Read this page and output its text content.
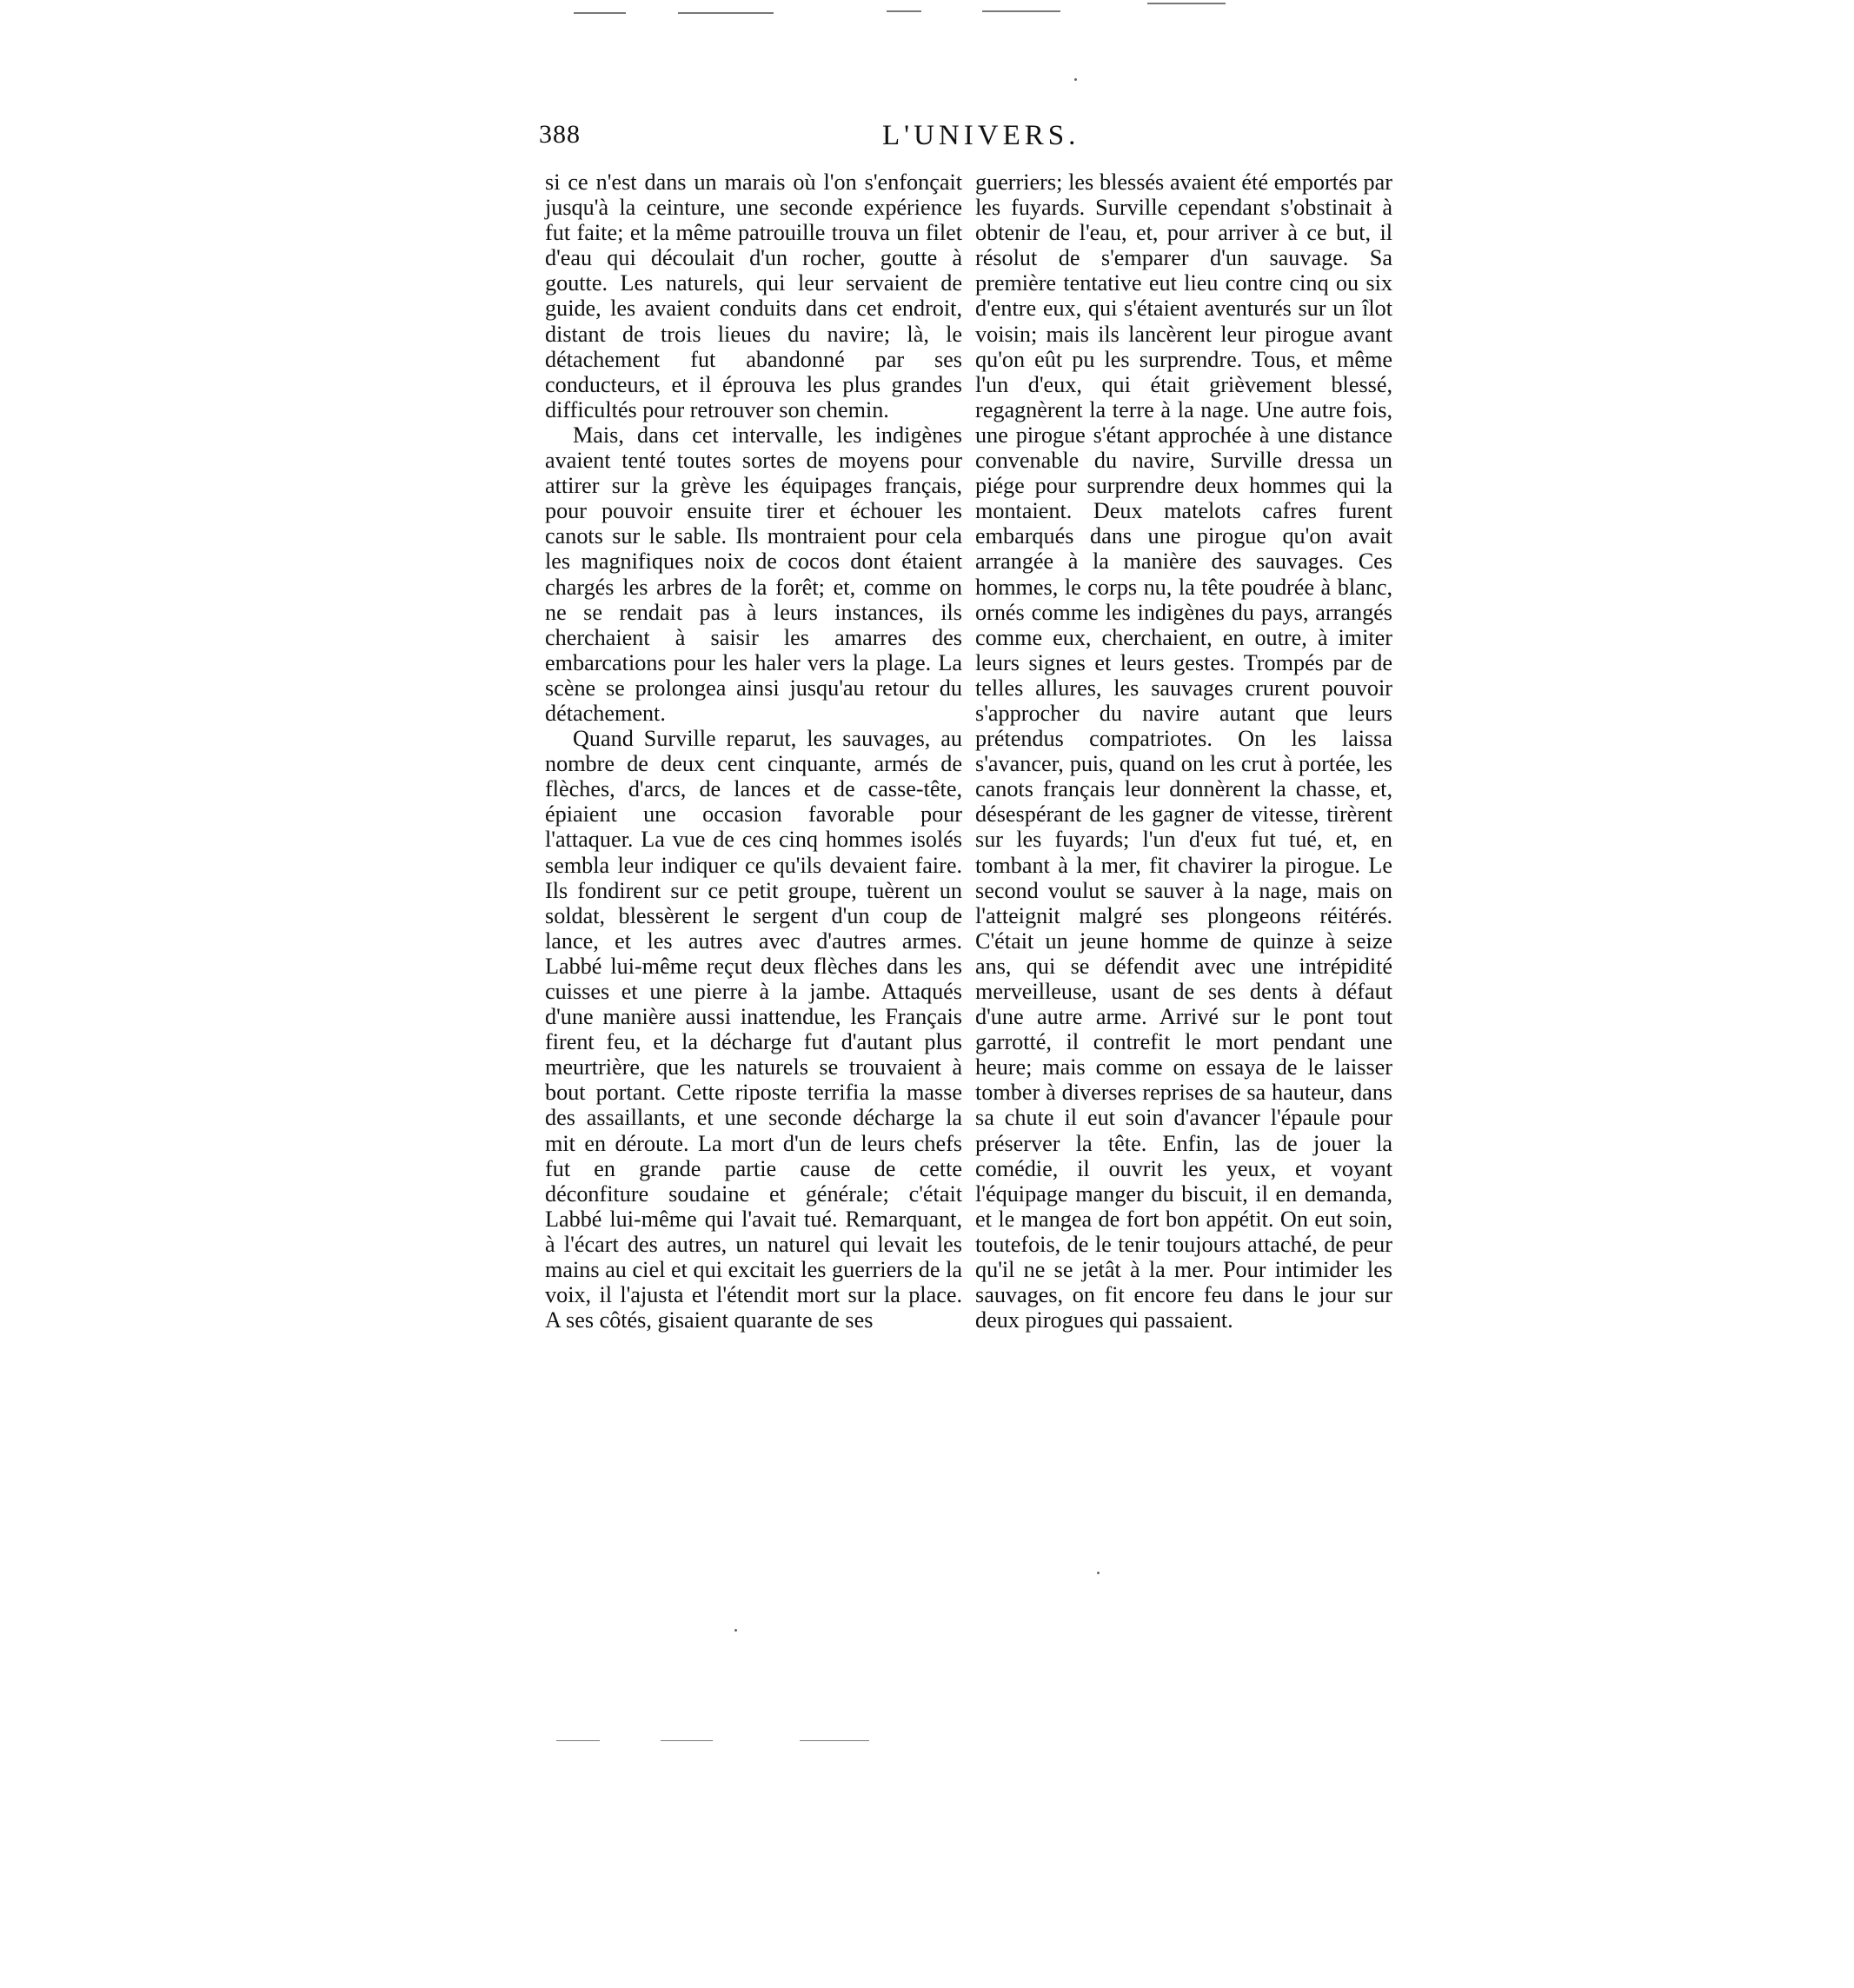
388	L'UNIVERS.

si ce n'est dans un marais où l'on s'enfonçait jusqu'à la ceinture, une seconde expérience fut faite; et la même patrouille trouva un filet d'eau qui découlait d'un rocher, goutte à goutte. Les naturels, qui leur servaient de guide, les avaient conduits dans cet endroit, distant de trois lieues du navire; là, le détachement fut abandonné par ses conducteurs, et il éprouva les plus grandes difficultés pour retrouver son chemin.

Mais, dans cet intervalle, les indigènes avaient tenté toutes sortes de moyens pour attirer sur la grève les équipages français, pour pouvoir ensuite tirer et échouer les canots sur le sable. Ils montraient pour cela les magnifiques noix de cocos dont étaient chargés les arbres de la forêt; et, comme on ne se rendait pas à leurs instances, ils cherchaient à saisir les amarres des embarcations pour les haler vers la plage. La scène se prolongea ainsi jusqu'au retour du détachement.

Quand Surville reparut, les sauvages, au nombre de deux cent cinquante, armés de flèches, d'arcs, de lances et de casse-tête, épiaient une occasion favorable pour l'attaquer. La vue de ces cinq hommes isolés sembla leur indiquer ce qu'ils devaient faire. Ils fondirent sur ce petit groupe, tuèrent un soldat, blessèrent le sergent d'un coup de lance, et les autres avec d'autres armes. Labbé lui-même reçut deux flèches dans les cuisses et une pierre à la jambe. Attaqués d'une manière aussi inattendue, les Français firent feu, et la décharge fut d'autant plus meurtrière, que les naturels se trouvaient à bout portant. Cette riposte terrifia la masse des assaillants, et une seconde décharge la mit en déroute. La mort d'un de leurs chefs fut en grande partie cause de cette déconfiture soudaine et générale; c'était Labbé lui-même qui l'avait tué. Remarquant, à l'écart des autres, un naturel qui levait les mains au ciel et qui excitait les guerriers de la voix, il l'ajusta et l'étendit mort sur la place. A ses côtés, gisaient quarante de ses

guerriers; les blessés avaient été emportés par les fuyards. Surville cependant s'obstinait à obtenir de l'eau, et, pour arriver à ce but, il résolut de s'emparer d'un sauvage. Sa première tentative eut lieu contre cinq ou six d'entre eux, qui s'étaient aventurés sur un îlot voisin; mais ils lancèrent leur pirogue avant qu'on eût pu les surprendre. Tous, et même l'un d'eux, qui était grièvement blessé, regagnèrent la terre à la nage. Une autre fois, une pirogue s'étant approchée à une distance convenable du navire, Surville dressa un piége pour surprendre deux hommes qui la montaient. Deux matelots cafres furent embarqués dans une pirogue qu'on avait arrangée à la manière des sauvages. Ces hommes, le corps nu, la tête poudrée à blanc, ornés comme les indigènes du pays, arrangés comme eux, cherchaient, en outre, à imiter leurs signes et leurs gestes. Trompés par de telles allures, les sauvages crurent pouvoir s'approcher du navire autant que leurs prétendus compatriotes. On les laissa s'avancer, puis, quand on les crut à portée, les canots français leur donnèrent la chasse, et, désespérant de les gagner de vitesse, tirèrent sur les fuyards; l'un d'eux fut tué, et, en tombant à la mer, fit chavirer la pirogue. Le second voulut se sauver à la nage, mais on l'atteignit malgré ses plongeons réitérés. C'était un jeune homme de quinze à seize ans, qui se défendit avec une intrépidité merveilleuse, usant de ses dents à défaut d'une autre arme. Arrivé sur le pont tout garrotté, il contrefit le mort pendant une heure; mais comme on essaya de le laisser tomber à diverses reprises de sa hauteur, dans sa chute il eut soin d'avancer l'épaule pour préserver la tête. Enfin, las de jouer la comédie, il ouvrit les yeux, et voyant l'équipage manger du biscuit, il en demanda, et le mangea de fort bon appétit. On eut soin, toutefois, de le tenir toujours attaché, de peur qu'il ne se jetât à la mer. Pour intimider les sauvages, on fit encore feu dans le jour sur deux pirogues qui passaient.
